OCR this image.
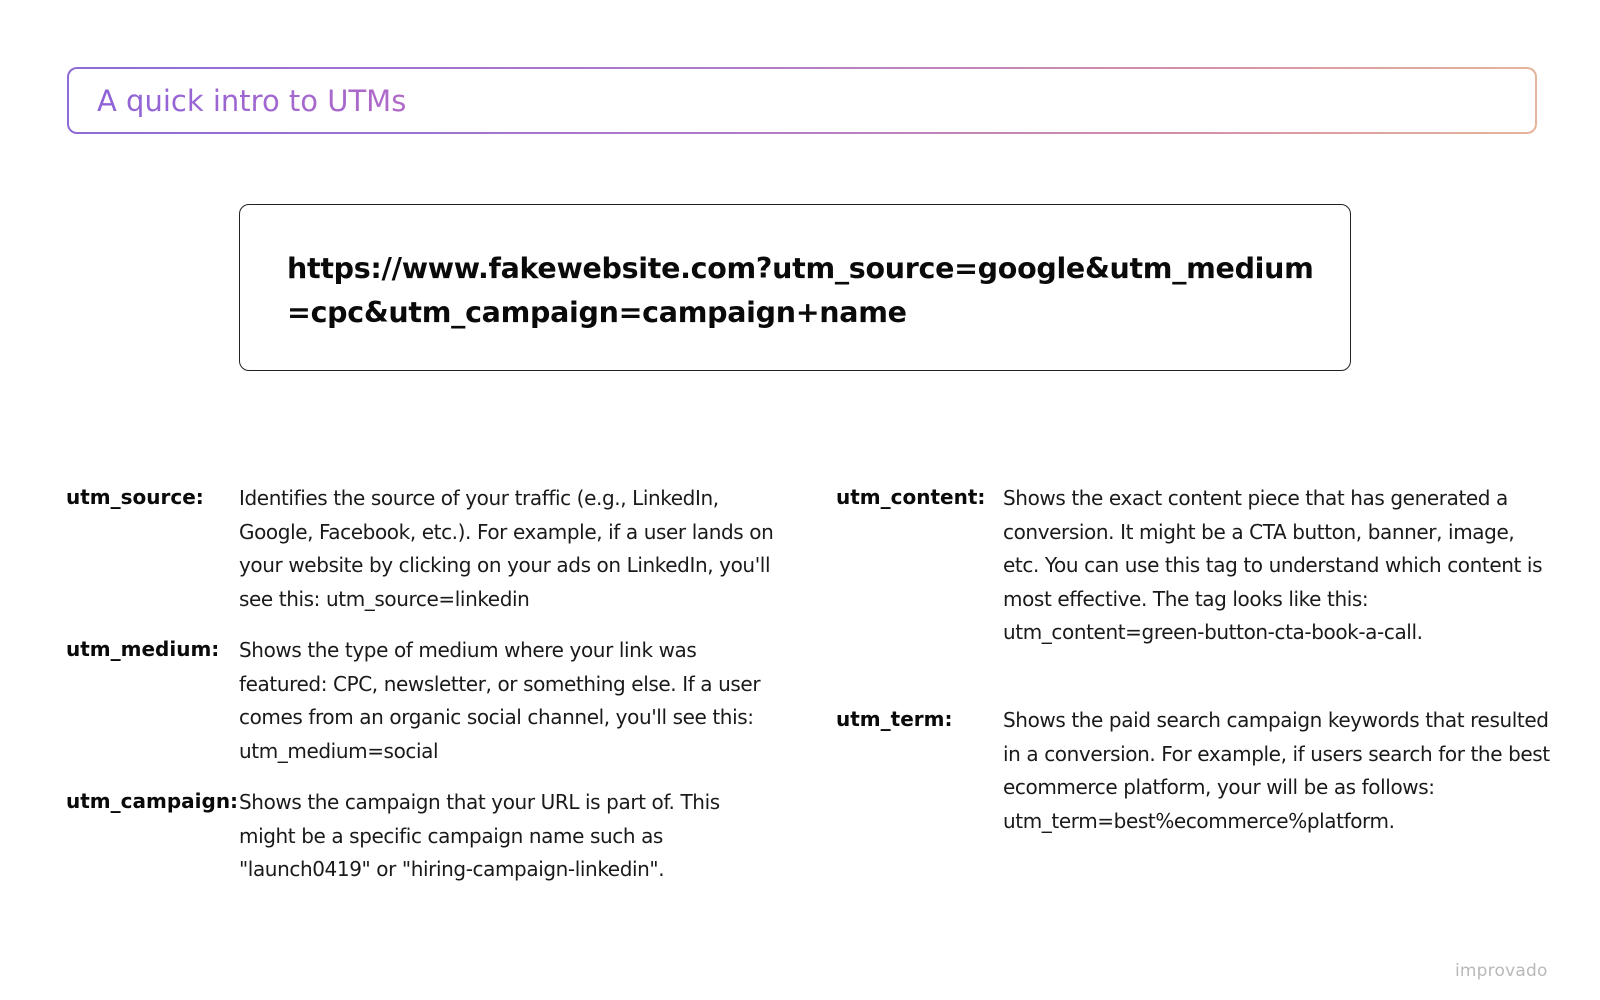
A quick intro to UTMs
https://www.fakewebsite.com?utm_source=google&utm_medium=cpc&utm_campaign=campaign+name
utm_source: Identifies the source of your traffic (e.g., LinkedIn, Google, Facebook, etc.). For example, if a user lands on your website by clicking on your ads on LinkedIn, you'll see this: utm_source=linkedin
utm_medium: Shows the type of medium where your link was featured: CPC, newsletter, or something else. If a user comes from an organic social channel, you'll see this: utm_medium=social
utm_campaign: Shows the campaign that your URL is part of. This might be a specific campaign name such as "launch0419" or "hiring-campaign-linkedin".
utm_content: Shows the exact content piece that has generated a conversion. It might be a CTA button, banner, image, etc. You can use this tag to understand which content is most effective. The tag looks like this: utm_content=green-button-cta-book-a-call.
utm_term:	Shows the paid search campaign keywords that resulted in a conversion. For example, if users search for the best ecommerce platform, your will be as follows: utm_term=best%ecommerce%platform.
improvado
